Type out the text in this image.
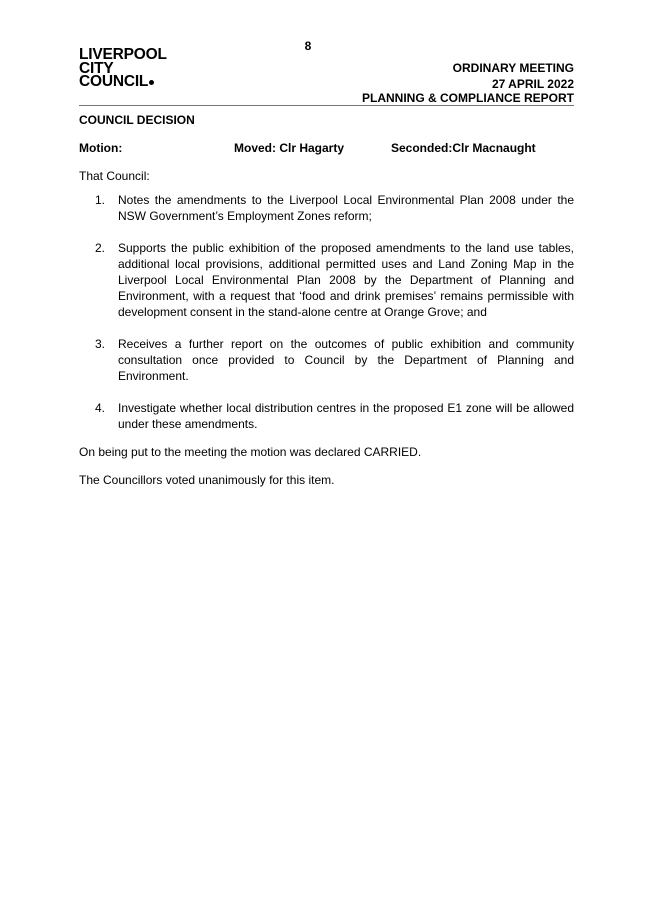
8
LIVERPOOL
CITY
COUNCIL
ORDINARY MEETING
27 APRIL 2022
PLANNING & COMPLIANCE REPORT

COUNCIL DECISION

Motion:	Moved: Clr Hagarty	Seconded:Clr Macnaught

That Council:

1. Notes the amendments to the Liverpool Local Environmental Plan 2008 under the NSW Government’s Employment Zones reform;
2. Supports the public exhibition of the proposed amendments to the land use tables, additional local provisions, additional permitted uses and Land Zoning Map in the Liverpool Local Environmental Plan 2008 by the Department of Planning and Environment, with a request that ‘food and drink premises’ remains permissible with development consent in the stand-alone centre at Orange Grove; and
3. Receives a further report on the outcomes of public exhibition and community consultation once provided to Council by the Department of Planning and Environment.
4. Investigate whether local distribution centres in the proposed E1 zone will be allowed under these amendments.

On being put to the meeting the motion was declared CARRIED.

The Councillors voted unanimously for this item.
